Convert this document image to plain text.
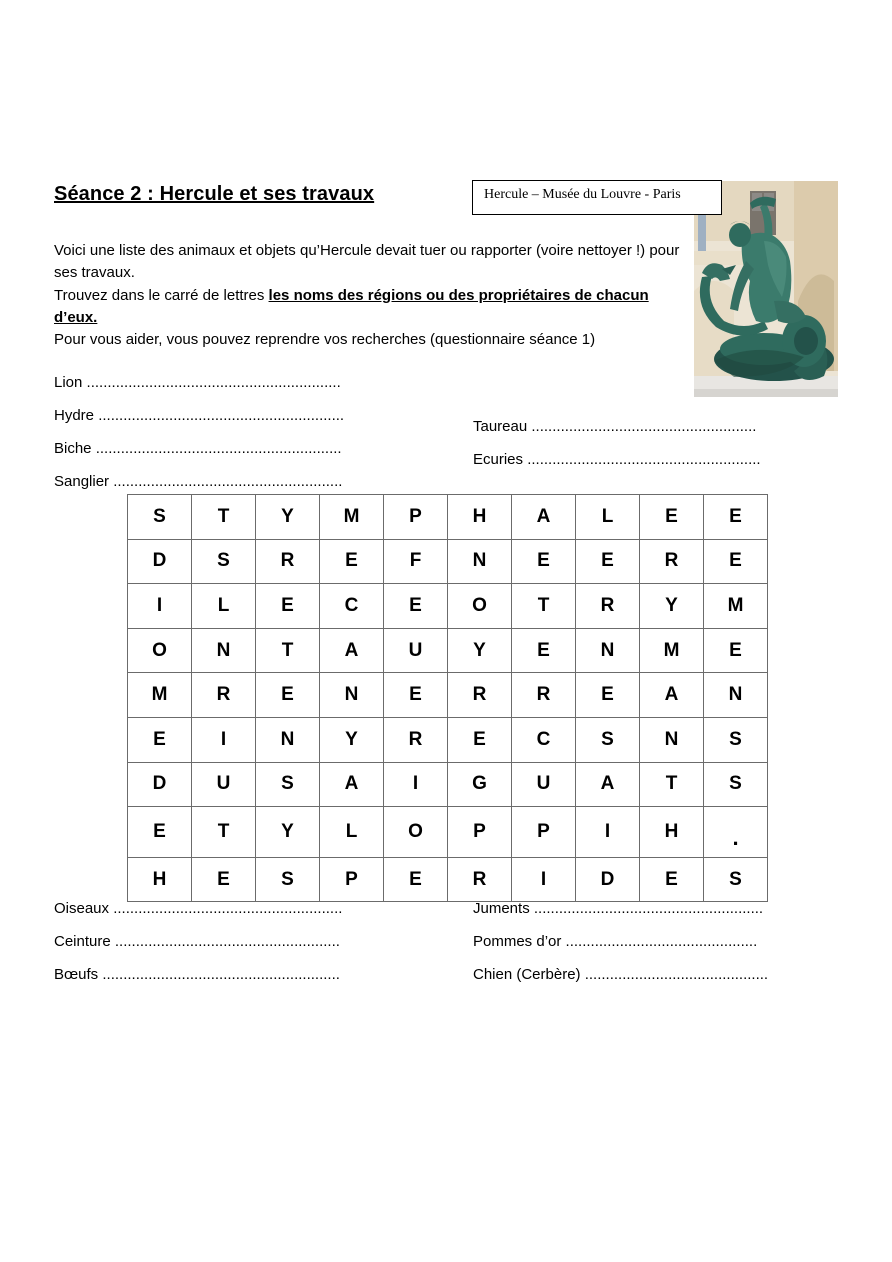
Séance 2 : Hercule et ses travaux	Hercule – Musée du Louvre - Paris

Voici une liste des animaux et objets qu’Hercule devait tuer ou rapporter (voire nettoyer !) pour ses travaux.

Trouvez dans le carré de lettres les noms des régions ou des propriétaires de chacun d’eux.

Pour vous aider, vous pouvez reprendre vos recherches (questionnaire séance 1)

Lion .............................................................
Hydre ...........................................................
Biche ...........................................................
Sanglier .......................................................
Taureau ......................................................
Ecuries ........................................................
S	T	Y	M	P	H	A	L	E	E
D	S	R	E	F	N	E	E	R	E
I	L	E	C	E	O	T	R	Y	M
O	N	T	A	U	Y	E	N	M	E
M	R	E	N	E	R	R	E	A	N
E	I	N	Y	R	E	C	S	N	S
D	U	S	A	I	G	U	A	T	S
E	T	Y	L	O	P	P	I	H	.
H	E	S	P	E	R	I	D	E	S
Oiseaux .......................................................
Ceinture ......................................................
Bœufs .........................................................
Juments .......................................................
Pommes d’or ..............................................
Chien (Cerbère) ............................................
